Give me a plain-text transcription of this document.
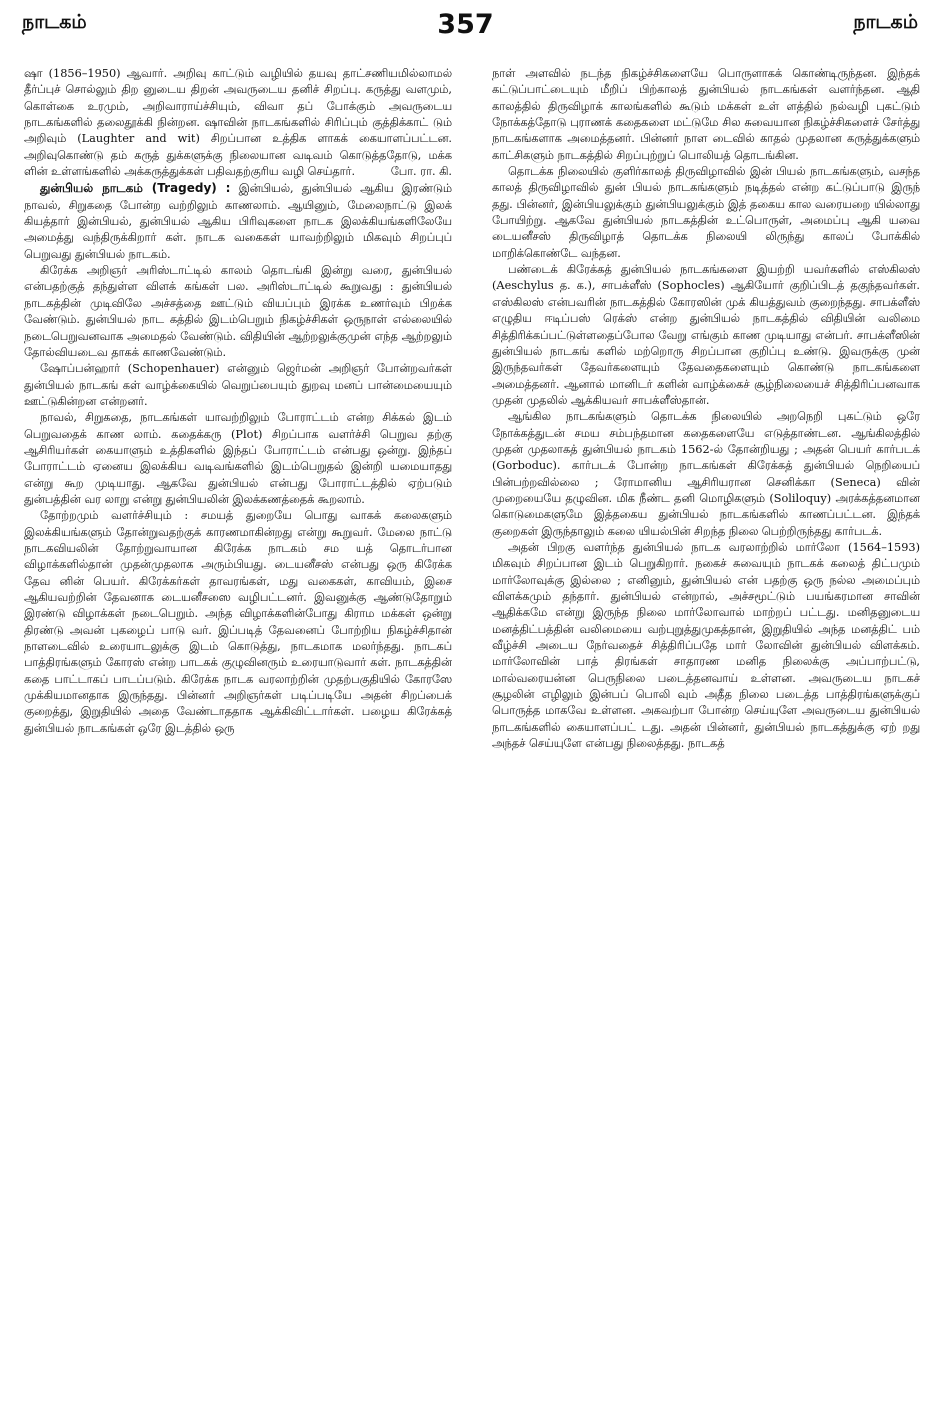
நாடகம்	357	நாடகம்

ஷா (1856–1950) ஆவார். அறிவு காட்டும் வழியில் தயவு தாட்சணியமில்லாமல் தீர்ப்புச் சொல்லும் திற னுடைய திறன் அவருடைய தனிச் சிறப்பு. கருத்து வளமும், கொள்கை உரமும், அறிவாராய்ச்சியும், விவா தப் போக்கும் அவருடைய நாடகங்களில் தலைதூக்கி நின்றன. ஷாவின் நாடகங்களில் சிரிப்பும் குத்திக்காட் டும் அறிவும் (Laughter and wit) சிறப்பான உத்திக ளாகக் கையாளப்பட்டன. அறிவுகொண்டு தம் கருத் துக்களுக்கு நிலையான வடிவம் கொடுத்ததோடு, மக்க ளின் உள்ளங்களில் அக்கருத்துக்கள் பதிவதற்குரிய வழி செய்தார்.	போ. ரா. கி.

துன்பியல் நாடகம் (Tragedy) : இன்பியல், துன்பியல் ஆகிய இரண்டும் நாவல், சிறுகதை போன்ற வற்றிலும் காணலாம். ஆயினும், மேலைநாட்டு இலக் கியத்தார் இன்பியல், துன்பியல் ஆகிய பிரிவுகளை நாடக இலக்கியங்களிலேயே அமைத்து வந்திருக்கிறார் கள். நாடக வகைகள் யாவற்றிலும் மிகவும் சிறப்புப் பெறுவது துன்பியல் நாடகம்.

கிரேக்க அறிஞர் அரிஸ்டாட்டில் காலம் தொடங்கி இன்று வரை, துன்பியல் என்பதற்குத் தந்துள்ள விளக் கங்கள் பல. அரிஸ்டாட்டில் கூறுவது : துன்பியல் நாடகத்தின் முடிவிலே அச்சத்தை ஊட்டும் வியப்பும் இரக்க உணர்வும் பிறக்க வேண்டும். துன்பியல் நாட கத்தில் இடம்பெறும் நிகழ்ச்சிகள் ஒருநாள் எல்லையில் நடைபெறுவனவாக அமைதல் வேண்டும். விதியின் ஆற்றலுக்குமுன் எந்த ஆற்றலும் தோல்வியடைவ தாகக் காணவேண்டும்.

ஷோப்பன்ஹார் (Schopenhauer) என்னும் ஜெர்மன் அறிஞர் போன்றவர்கள் துன்பியல் நாடகங் கள் வாழ்க்கையில் வெறுப்பையும் துறவு மனப் பான்மையையும் ஊட்டுகின்றன என்றனர்.

நாவல், சிறுகதை, நாடகங்கள் யாவற்றிலும் போராட்டம் என்ற சிக்கல் இடம் பெறுவதைக் காண லாம். கதைக்கரு (Plot) சிறப்பாக வளர்ச்சி பெறுவ தற்கு ஆசிரியர்கள் கையாளும் உத்திகளில் இந்தப் போராட்டம் என்பது ஒன்று. இந்தப் போராட்டம் ஏனைய இலக்கிய வடிவங்களில் இடம்பெறுதல் இன்றி யமையாதது என்று கூற முடியாது. ஆகவே துன்பியல் என்பது போராட்டத்தில் ஏற்படும் துன்பத்தின் வர லாறு என்று துன்பியலின் இலக்கணத்தைக் கூறலாம்.

தோற்றமும் வளர்ச்சியும் : சமயத் துறையே பொது வாகக் கலைகளும் இலக்கியங்களும் தோன்றுவதற்குக் காரணமாகின்றது என்று கூறுவர். மேலை நாட்டு நாடகவியலின் தோற்றுவாயான கிரேக்க நாடகம் சம யத் தொடர்பான விழாக்களில்தான் முதன்முதலாக அரும்பியது. டையனீசஸ் என்பது ஒரு கிரேக்க தேவ னின் பெயர். கிரேக்கர்கள் தாவரங்கள், மது வகைகள், காவியம், இசை ஆகியவற்றின் தேவனாக டையனீசஸை வழிபட்டனர். இவனுக்கு ஆண்டுதோறும் இரண்டு விழாக்கள் நடைபெறும். அந்த விழாக்களின்போது கிராம மக்கள் ஒன்று திரண்டு அவன் புகழைப் பாடு வர். இப்படித் தேவனைப் போற்றிய நிகழ்ச்சிதான் நாளடைவில் உரையாடலுக்கு இடம் கொடுத்து, நாடகமாக மலர்ந்தது. நாடகப் பாத்திரங்களும் கோரஸ் என்ற பாடகக் குழுவினரும் உரையாடுவார் கள். நாடகத்தின் கதை பாட்டாகப் பாடப்படும். கிரேக்க நாடக வரலாற்றின் முதற்பகுதியில் கோரஸே முக்கியமானதாக இருந்தது. பின்னர் அறிஞர்கள் படிப்படியே அதன் சிறப்பைக் குறைத்து, இறுதியில் அதை வேண்டாததாக ஆக்கிவிட்டார்கள். பழைய கிரேக்கத் துன்பியல் நாடகங்கள் ஒரே இடத்தில் ஒரு

நாள் அளவில் நடந்த நிகழ்ச்சிகளையே பொருளாகக் கொண்டிருந்தன. இந்தக் கட்டுப்பாட்டையும் மீறிப் பிற்காலத் துன்பியல் நாடகங்கள் வளர்ந்தன. ஆதி காலத்தில் திருவிழாக் காலங்களில் கூடும் மக்கள் உள் ளத்தில் நல்வழி புகட்டும் நோக்கத்தோடு புராணக் கதைகளை மட்டுமே சில சுவையான நிகழ்ச்சிகளைச் சேர்த்து நாடகங்களாக அமைத்தனர். பின்னர் நாள டைவில் காதல் முதலான கருத்துக்களும் காட்சிகளும் நாடகத்தில் சிறப்புற்றுப் பொலியத் தொடங்கின.

தொடக்க நிலையில் குளிர்காலத் திருவிழாவில் இன் பியல் நாடகங்களும், வசந்த காலத் திருவிழாவில் துன் பியல் நாடகங்களும் நடித்தல் என்ற கட்டுப்பாடு இருந் தது. பின்னர், இன்பியலுக்கும் துன்பியலுக்கும் இத் தகைய கால வரையறை யில்லாது போயிற்று. ஆகவே துன்பியல் நாடகத்தின் உட்பொருள், அமைப்பு ஆகி யவை டையனீசஸ் திருவிழாத் தொடக்க நிலையி லிருந்து காலப் போக்கில் மாறிக்கொண்டே வந்தன.

பண்டைக் கிரேக்கத் துன்பியல் நாடகங்களை இயற்றி யவர்களில் எஸ்கிலஸ் (Aeschylus த. க.), சாபக்ளீஸ் (Sophocles) ஆகியோர் குறிப்பிடத் தகுந்தவர்கள். எஸ்கிலஸ் என்பவரின் நாடகத்தில் கோரஸின் முக் கியத்துவம் குறைந்தது. சாபக்ளீஸ் எழுதிய ஈடிப்பஸ் ரெக்ஸ் என்ற துன்பியல் நாடகத்தில் விதியின் வலிமை சித்திரிக்கப்பட்டுள்ளதைப்போல வேறு எங்கும் காண முடியாது என்பர். சாபக்ளீஸின் துன்பியல் நாடகங் களில் மற்றொரு சிறப்பான குறிப்பு உண்டு. இவருக்கு முன் இருந்தவர்கள் தேவர்களையும் தேவதைகளையும் கொண்டு நாடகங்களை அமைத்தனர். ஆனால் மானிடர் களின் வாழ்க்கைச் சூழ்நிலையைச் சித்திரிப்பனவாக முதன் முதலில் ஆக்கியவர் சாபக்ளீஸ்தான்.

ஆங்கில நாடகங்களும் தொடக்க நிலையில் அறநெறி புகட்டும் ஒரே நோக்கத்துடன் சமய சம்பந்தமான கதைகளையே எடுத்தாண்டன. ஆங்கிலத்தில் முதன் முதலாகத் துன்பியல் நாடகம் 1562-ல் தோன்றியது ; அதன் பெயர் கார்படக் (Gorboduc). கார்படக் போன்ற நாடகங்கள் கிரேக்கத் துன்பியல் நெறியைப் பின்பற்றவில்லை ; ரோமானிய ஆசிரியரான செனிக்கா (Seneca) வின் முறையையே தழுவின. மிக நீண்ட தனி மொழிகளும் (Soliloquy) அரக்கத்தனமான கொடுமைகளுமே இத்தகைய துன்பியல் நாடகங்களில் காணப்பட்டன. இந்தக் குறைகள் இருந்தாலும் கலை யியல்பின் சிறந்த நிலை பெற்றிருந்தது கார்படக்.

அதன் பிறகு வளர்ந்த துன்பியல் நாடக வரலாற்றில் மார்லோ (1564–1593) மிகவும் சிறப்பான இடம் பெறுகிறார். நகைச் சுவையும் நாடகக் கலைத் திட்பமும் மார்லோவுக்கு இல்லை ; எனினும், துன்பியல் என் பதற்கு ஒரு நல்ல அமைப்பும் விளக்கமும் தந்தார். துன்பியல் என்றால், அச்சமூட்டும் பயங்கரமான சாவின் ஆதிக்கமே என்று இருந்த நிலை மார்லோவால் மாற்றப் பட்டது. மனிதனுடைய மனத்திட்பத்தின் வலிமையை வற்புறுத்துமுகத்தான், இறுதியில் அந்த மனத்திட் பம் வீழ்ச்சி அடைய நேர்வதைச் சித்திரிப்பதே மார் லோவின் துன்பியல் விளக்கம். மார்லோவின் பாத் திரங்கள் சாதாரண மனித நிலைக்கு அப்பாற்பட்டு, மால்வரையன்ன பெருநிலை படைத்தனவாய் உள்ளன. அவருடைய நாடகச் சூழலின் எழிலும் இன்பப் பொலி வும் அதீத நிலை படைத்த பாத்திரங்களுக்குப் பொருத்த மாகவே உள்ளன. அகவற்பா போன்ற செய்யுளே அவருடைய துன்பியல் நாடகங்களில் கையாளப்பட் டது. அதன் பின்னர், துன்பியல் நாடகத்துக்கு ஏற் றது அந்தச் செய்யுளே என்பது நிலைத்தது. நாடகத்
